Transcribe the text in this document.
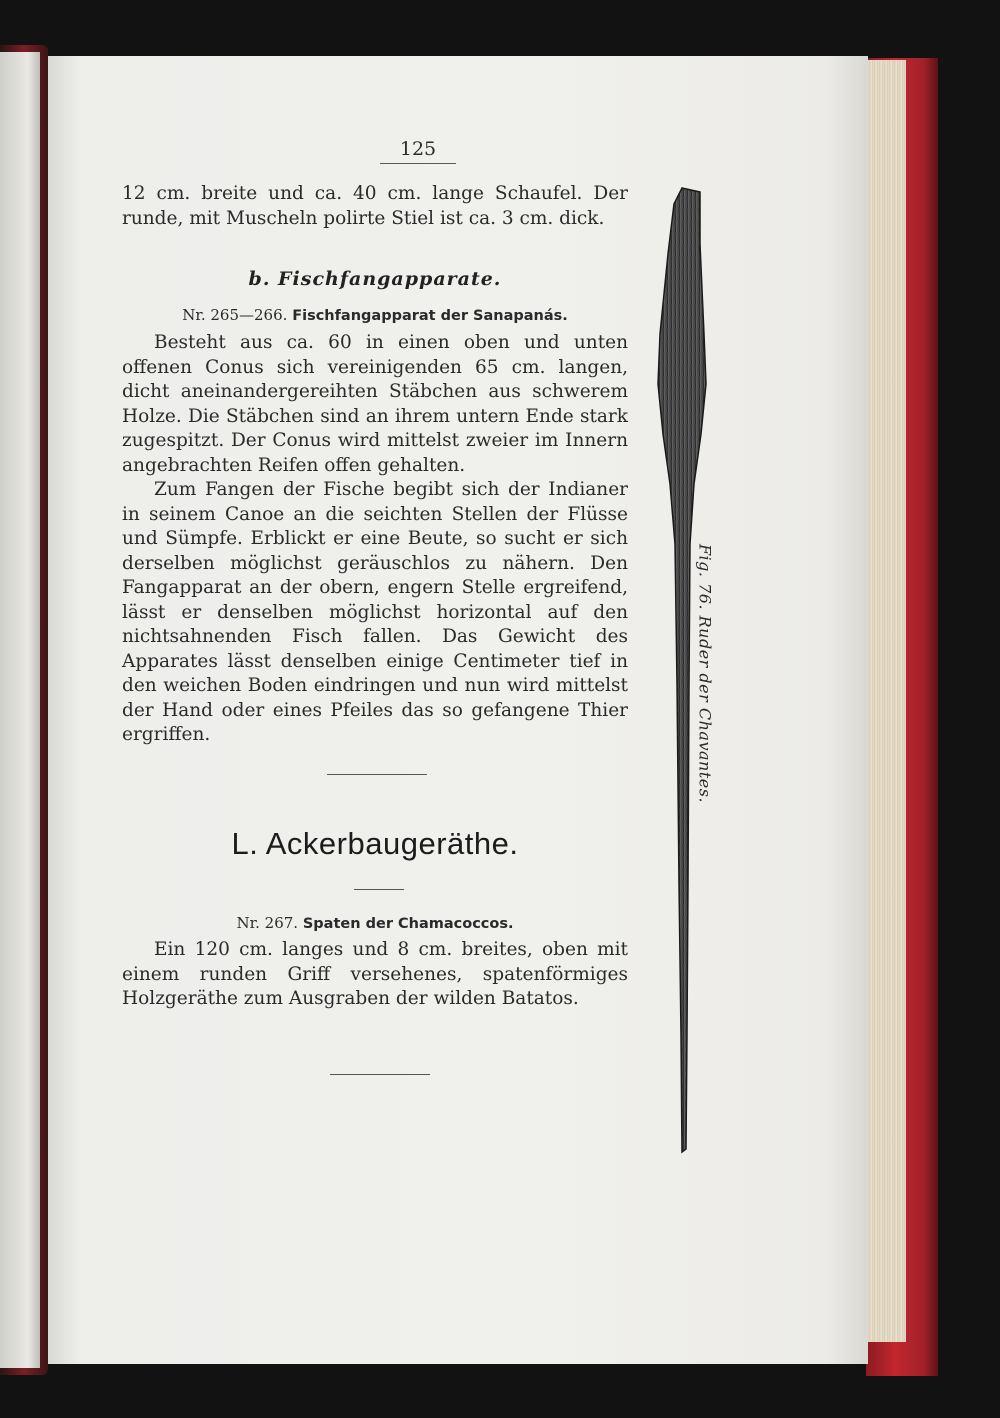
125

12 cm. breite und ca. 40 cm. lange Schaufel. Der runde, mit Muscheln polirte Stiel ist ca. 3 cm. dick.

b. Fischfangapparate.
Nr. 265—266. Fischfangapparat der Sanapanás.

Besteht aus ca. 60 in einen oben und unten offenen Conus sich vereinigenden 65 cm. langen, dicht aneinandergereihten Stäbchen aus schwerem Holze. Die Stäbchen sind an ihrem untern Ende stark zugespitzt. Der Conus wird mittelst zweier im Innern angebrachten Reifen offen gehalten.

Zum Fangen der Fische begibt sich der Indianer in seinem Canoe an die seichten Stellen der Flüsse und Sümpfe. Erblickt er eine Beute, so sucht er sich derselben möglichst geräuschlos zu nähern. Den Fangapparat an der obern, engern Stelle ergreifend, lässt er denselben möglichst horizontal auf den nichtsahnenden Fisch fallen. Das Gewicht des Apparates lässt denselben einige Centimeter tief in den weichen Boden eindringen und nun wird mittelst der Hand oder eines Pfeiles das so gefangene Thier ergriffen.

L. Ackerbaugeräthe.
Nr. 267. Spaten der Chamacoccos.

Ein 120 cm. langes und 8 cm. breites, oben mit einem runden Griff versehenes, spatenförmiges Holzgeräthe zum Ausgraben der wilden Batatos.

Fig. 76. Ruder der Chavantes.
